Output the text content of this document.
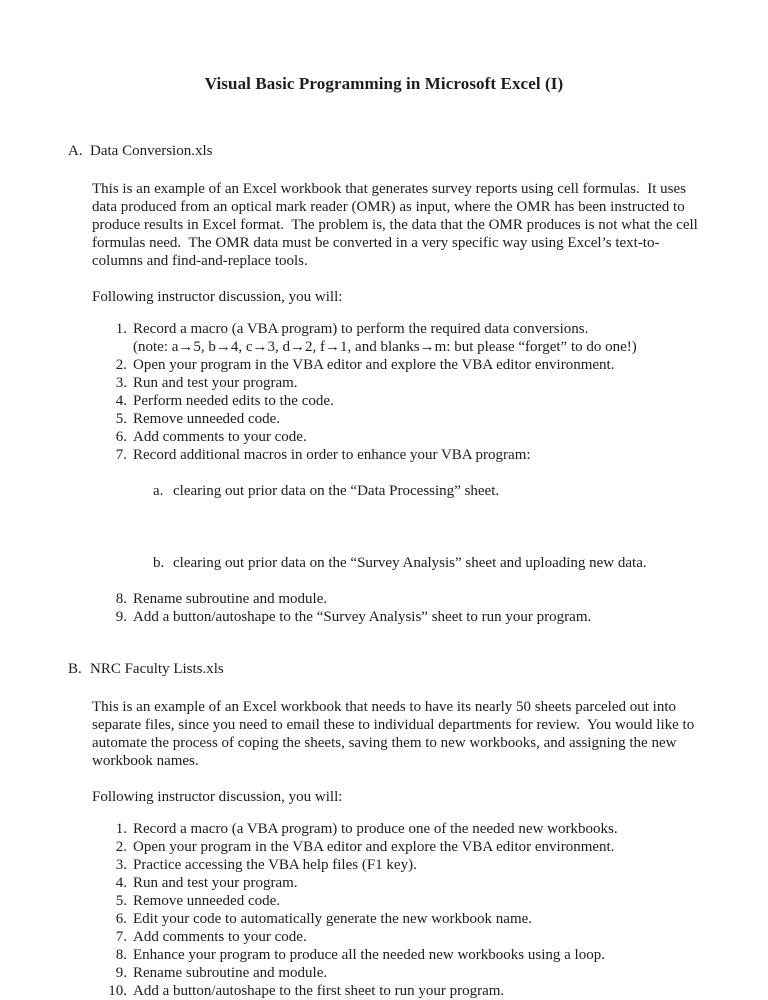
Visual Basic Programming in Microsoft Excel (I)
A. Data Conversion.xls

This is an example of an Excel workbook that generates survey reports using cell formulas.  It uses data produced from an optical mark reader (OMR) as input, where the OMR has been instructed to produce results in Excel format.  The problem is, the data that the OMR produces is not what the cell formulas need.  The OMR data must be converted in a very specific way using Excel’s text-to-columns and find-and-replace tools.

Following instructor discussion, you will:

1. Record a macro (a VBA program) to perform the required data conversions.
(note: a→5, b→4, c→3, d→2, f→1, and blanks→m: but please “forget” to do one!)
2. Open your program in the VBA editor and explore the VBA editor environment.
3. Run and test your program.
4. Perform needed edits to the code.
5. Remove unneeded code.
6. Add comments to your code.
7. Record additional macros in order to enhance your VBA program:

a. clearing out prior data on the “Data Processing” sheet.

b. clearing out prior data on the “Survey Analysis” sheet and uploading new data.

8. Rename subroutine and module.
9. Add a button/autoshape to the “Survey Analysis” sheet to run your program.
B. NRC Faculty Lists.xls

This is an example of an Excel workbook that needs to have its nearly 50 sheets parceled out into separate files, since you need to email these to individual departments for review.  You would like to automate the process of coping the sheets, saving them to new workbooks, and assigning the new workbook names.

Following instructor discussion, you will:

1. Record a macro (a VBA program) to produce one of the needed new workbooks.
2. Open your program in the VBA editor and explore the VBA editor environment.
3. Practice accessing the VBA help files (F1 key).
4. Run and test your program.
5. Remove unneeded code.
6. Edit your code to automatically generate the new workbook name.
7. Add comments to your code.
8. Enhance your program to produce all the needed new workbooks using a loop.
9. Rename subroutine and module.
10. Add a button/autoshape to the first sheet to run your program.
